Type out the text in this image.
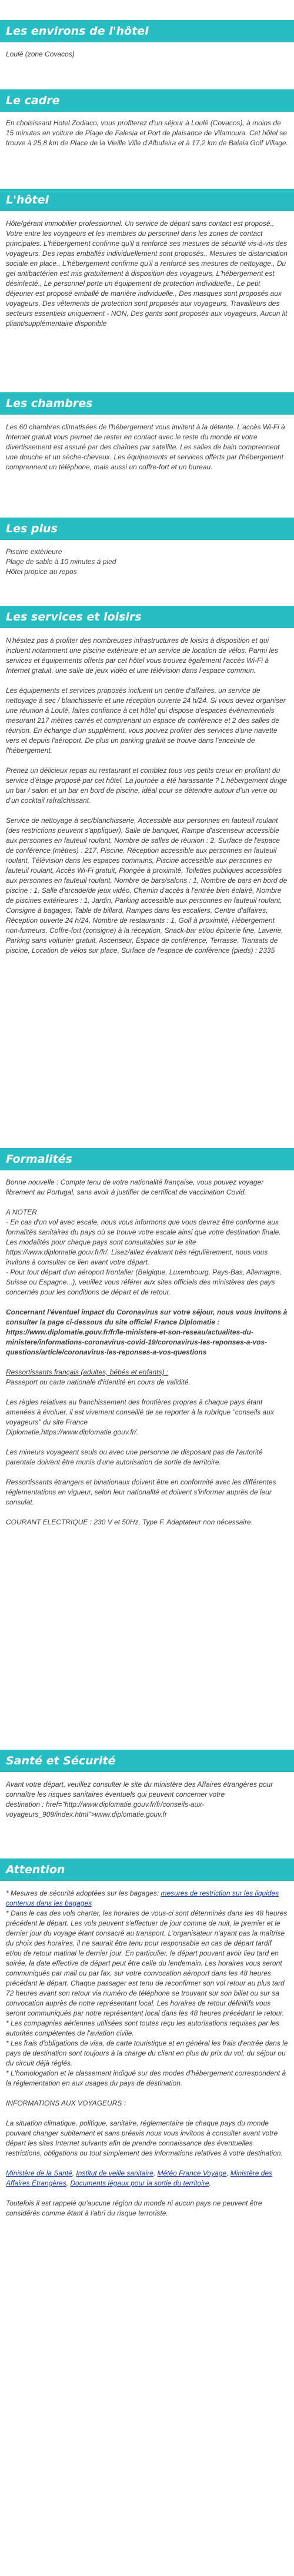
Les environs de l'hôtel

Loulé (zone Covacos)

Le cadre

En choisissant Hotel Zodiaco, vous profiterez d'un séjour à Loulé (Covacos), à moins de 15 minutes en voiture de Plage de Falesia et Port de plaisance de Vilamoura. Cet hôtel se trouve à 25,8 km de Place de la Vieille Ville d'Albufeira et à 17,2 km de Balaia Golf Village.

L'hôtel

Hôte/gérant immobilier professionnel. Un service de départ sans contact est proposé., Votre entre les voyageurs et les membres du personnel dans les zones de contact principales. L'hébergement confirme qu'il a renforcé ses mesures de sécurité vis-à-vis des voyageurs. Des repas emballés individuellement sont proposés., Mesures de distanciation sociale en place., L'hébergement confirme qu'il a renforcé ses mesures de nettoyage., Du gel antibactérien est mis gratuitement à disposition des voyageurs, L'hébergement est désinfecté., Le personnel porte un équipement de protection individuelle., Le petit déjeuner est proposé emballé de manière individuelle., Des masques sont proposés aux voyageurs, Des vêtements de protection sont proposés aux voyageurs, Travailleurs des secteurs essentiels uniquement - NON, Des gants sont proposés aux voyageurs, Aucun lit pliant/supplémentaire disponible

Les chambres

Les 60 chambres climatisées de l'hébergement vous invitent à la détente. L'accès Wi-Fi à Internet gratuit vous permet de rester en contact avec le reste du monde et votre divertissement est assuré par des chaînes par satellite. Les salles de bain comprennent une douche et un sèche-cheveux. Les équipements et services offerts par l'hébergement comprennent un téléphone, mais aussi un coffre-fort et un bureau.

Les plus

Piscine extérieure
Plage de sable à 10 minutes à pied
Hôtel propice au repos

Les services et loisirs

N'hésitez pas à profiter des nombreuses infrastructures de loisirs à disposition et qui incluent notamment une piscine extérieure et un service de location de vélos. Parmi les services et équipements offerts par cet hôtel vous trouvez également l'accès Wi-Fi à Internet gratuit, une salle de jeux vidéo et une télévision dans l'espace commun.

Les équipements et services proposés incluent un centre d'affaires, un service de nettoyage à sec / blanchisserie et une réception ouverte 24 h/24. Si vous devez organiser une réunion à Loulé, faites confiance à cet hôtel qui dispose d'espaces événementiels mesurant 217 mètres carrés et comprenant un espace de conférence et 2 des salles de réunion. En échange d'un supplément, vous pouvez profiter des services d'une navette vers et depuis l'aéroport. De plus un parking gratuit se trouve dans l'enceinte de l'hébergement.

Prenez un délicieux repas au restaurant et comblez tous vos petits creux en profitant du service d'étage proposé par cet hôtel. La journée a été harassante ? L'hébergement dirige un bar / salon et un bar en bord de piscine, idéal pour se détendre autour d'un verre ou d'un cocktail rafraîchissant.

Service de nettoyage à sec/blanchisserie, Accessible aux personnes en fauteuil roulant (des restrictions peuvent s'appliquer), Salle de banquet, Rampe d'ascenseur accessible aux personnes en fauteuil roulant, Nombre de salles de réunion : 2, Surface de l'espace de conférence (mètres) : 217, Piscine, Réception accessible aux personnes en fauteuil roulant, Télévision dans les espaces communs, Piscine accessible aux personnes en fauteuil roulant, Accès Wi-Fi gratuit, Plongée à proximité, Toilettes publiques accessibles aux personnes en fauteuil roulant, Nombre de bars/salons : 1, Nombre de bars en bord de piscine : 1, Salle d'arcade/de jeux vidéo, Chemin d'accès à l'entrée bien éclairé, Nombre de piscines extérieures : 1, Jardin, Parking accessible aux personnes en fauteuil roulant, Consigne à bagages, Table de billard, Rampes dans les escaliers, Centre d'affaires, Réception ouverte 24 h/24, Nombre de restaurants : 1, Golf à proximité, Hébergement non-fumeurs, Coffre-fort (consigne) à la réception, Snack-bar et/ou épicerie fine, Laverie, Parking sans voiturier gratuit, Ascenseur, Espace de conférence, Terrasse, Transats de piscine, Location de vélos sur place, Surface de l'espace de conférence (pieds) : 2335

Formalités

Bonne nouvelle : Compte tenu de votre nationalité française, vous pouvez voyager librement au Portugal, sans avoir à justifier de certificat de vaccination Covid.

A NOTER

- En cas d'un vol avec escale, nous vous informons que vous devrez être conforme aux formalités sanitaires du pays où se trouve votre escale ainsi que votre destination finale.

Les modalités pour chaque pays sont consultables sur le site
https://www.diplomatie.gouv.fr/fr/. Lisez/allez évaluant très régulièrement, nous vous invitons à consulter ce lien avant votre départ.

- Pour tout départ d'un aéroport frontalier (Belgique, Luxembourg, Pays-Bas, Allemagne, Suisse ou Espagne...), veuillez vous référer aux sites officiels des ministères des pays concernés pour les conditions de départ et de retour.

Concernant l'éventuel impact du Coronavirus sur votre séjour, nous vous invitons à consulter la page ci-dessous du site officiel France Diplomatie : https://www.diplomatie.gouv.fr/fr/le-ministere-et-son-reseau/actualites-du-ministere/informations-coronavirus-covid-19/coronavirus-les-reponses-a-vos-questions/article/coronavirus-les-reponses-a-vos-questions

Ressortissants français (adultes, bébés et enfants) :

Passeport ou carte nationale d'identité en cours de validité.

Les règles relatives au franchissement des frontières propres à chaque pays étant amenées à évoluer, il est vivement conseillé de se reporter à la rubrique "conseils aux voyageurs" du site France
Diplomatie,https://www.diplomatie.gouv.fr/.

Les mineurs voyageant seuls ou avec une personne ne disposant pas de l'autorité parentale doivent être munis d'une autorisation de sortie de territoire.

Ressortissants étrangers et binationaux doivent être en conformité avec les différentes réglementations en vigueur, selon leur nationalité et doivent s'informer auprès de leur consulat.

COURANT ELECTRIQUE : 230 V et 50Hz, Type F. Adaptateur non nécessaire.

Santé et Sécurité

Avant votre départ, veuillez consulter le site du ministère des Affaires étrangères pour connaître les risques sanitaires éventuels qui peuvent concerner votre
destination : href="http://www.diplomatie.gouv.fr/fr/conseils-aux-voyageurs_909/index.html">www.diplomatie.gouv.fr

Attention

* Mesures de sécurité adoptées sur les bagages: mesures de restriction sur les liquides contenus dans les bagages
* Dans le cas des vols charter, les horaires de vous-ci sont déterminés dans les 48 heures précédent le départ. Les vols peuvent s'effectuer de jour comme de nuit, le premier et le dernier jour du voyage étant consacré au transport. L'organisateur n'ayant pas la maîtrise du choix des horaires, il ne saurait être tenu pour responsable en cas de départ tardif et/ou de retour matinal le dernier jour. En particulier, le départ pouvant avoir lieu tard en soirée, la date effective de départ peut être celle du lendemain. Les horaires vous seront communiqués par mail ou par fax, sur votre convocation aéroport dans les 48 heures précédant le départ. Chaque passager est tenu de reconfirmer son vol retour au plus tard 72 heures avant son retour via numéro de téléphone se trouvant sur son billet ou sur sa convocation auprès de notre représentant local. Les horaires de retour définitifs vous seront communiqués par notre représentant local dans les 48 heures précédant le retour.
* Les compagnies aériennes utilisées sont toutes reçu les autorisations requises par les autorités compétentes de l'aviation civile.
* Les frais d'obligations de visa, de carte touristique et en général les frais d'entrée dans le pays de destination sont toujours à la charge du client en plus du prix du vol, du séjour ou du circuit déjà réglés.
* L'homologation et le classement indiqué sur des modes d'hébergement correspondent à la réglementation en aux usages du pays de destination.

INFORMATIONS AUX VOYAGEURS :

La situation climatique, politique, sanitaire, réglementaire de chaque pays du monde pouvant changer subitement et sans préavis nous vous invitons à consulter avant votre départ les sites Internet suivants afin de prendre connaissance des éventuelles restrictions, obligations ou tout simplement des informations relatives à votre destination.

Ministère de la Santé, Institut de veille sanitaire, Météo France Voyage, Ministère des Affaires Étrangères, Documents légaux pour la sortie du territoire.

Toutefois il est rappelé qu'aucune région du monde ni aucun pays ne peuvent être considérés comme étant à l'abri du risque terroriste.
